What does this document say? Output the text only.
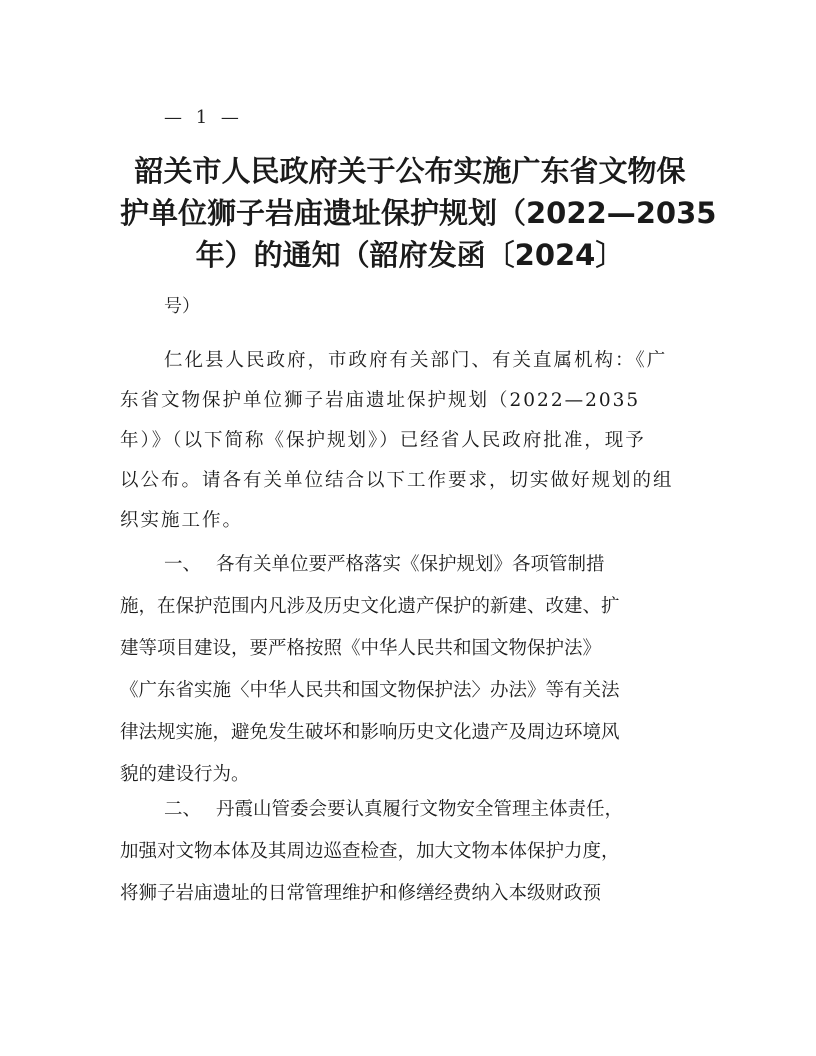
— 1 —
韶关市人民政府关于公布实施广东省文物保
护单位狮子岩庙遗址保护规划（2022—2035
年）的通知（韶府发函〔2024〕
号）

仁化县人民政府，市政府有关部门、有关直属机构：《广
东省文物保护单位狮子岩庙遗址保护规划（2022—2035
年）》（以下简称《保护规划》）已经省人民政府批准，现予
以公布。请各有关单位结合以下工作要求，切实做好规划的组
织实施工作。

一、 各有关单位要严格落实《保护规划》各项管制措
施，在保护范围内凡涉及历史文化遗产保护的新建、改建、扩
建等项目建设，要严格按照《中华人民共和国文物保护法》
《广东省实施〈中华人民共和国文物保护法〉办法》等有关法
律法规实施，避免发生破坏和影响历史文化遗产及周边环境风
貌的建设行为。

二、 丹霞山管委会要认真履行文物安全管理主体责任，
加强对文物本体及其周边巡查检查，加大文物本体保护力度，
将狮子岩庙遗址的日常管理维护和修缮经费纳入本级财政预
